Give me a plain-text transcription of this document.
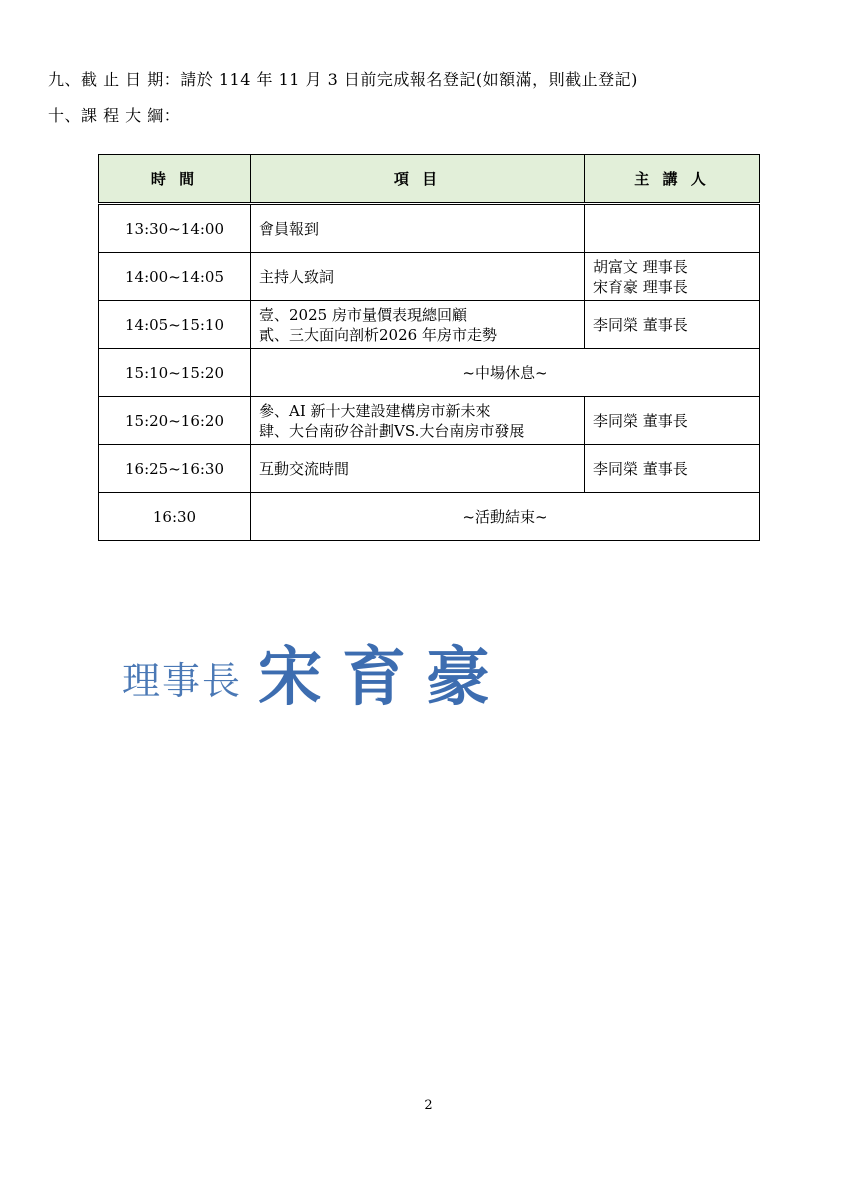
九、截 止 日 期：請於 114 年 11 月 3 日前完成報名登記(如額滿，則截止登記)
十、課 程 大 綱：
時 間	項 目	主 講 人
13:30~14:00	會員報到	
14:00~14:05	主持人致詞	胡富文 理事長
宋育豪 理事長

14:05~15:10	壹、2025 房市量價表現總回顧
貳、三大面向剖析2026 年房市走勢	李同榮 董事長
15:10~15:20	~中場休息~	
15:20~16:20	參、AI 新十大建設建構房市新未來
肆、大台南矽谷計劃VS.大台南房市發展	李同榮 董事長
16:25~16:30	互動交流時間	李同榮 董事長
16:30	~活動結束~	
理事長 宋育豪
2
